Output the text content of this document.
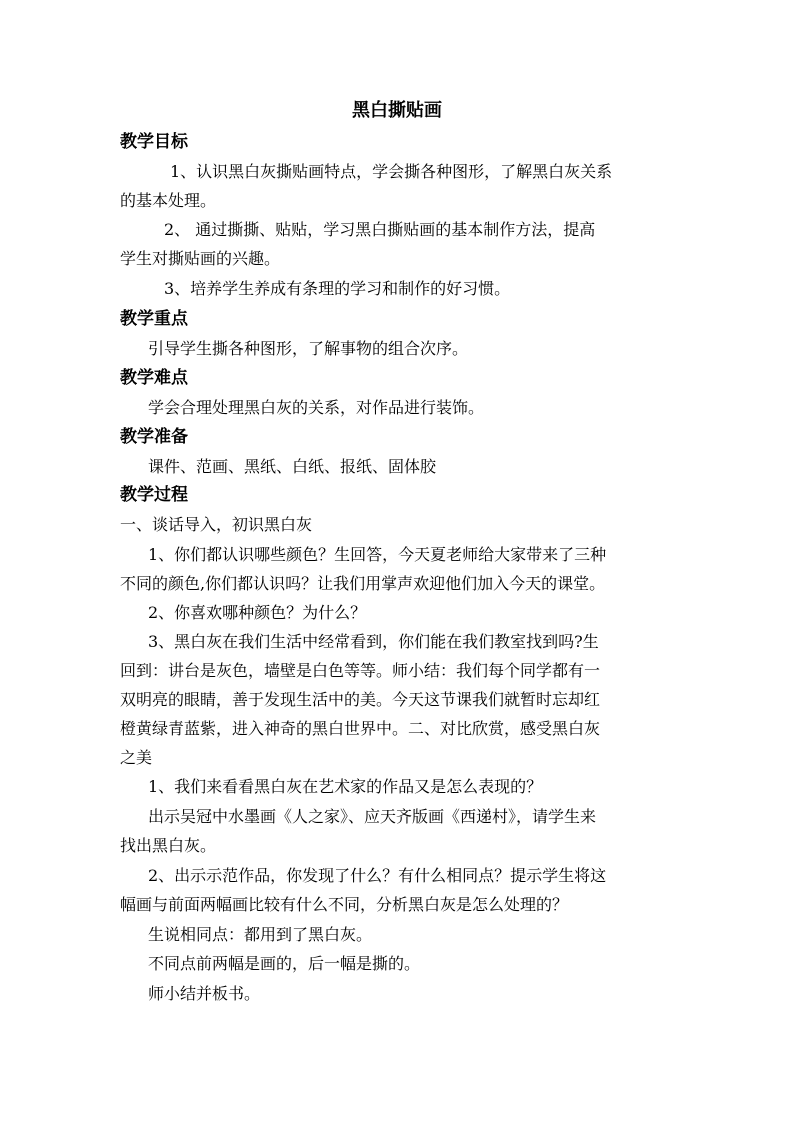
黑白撕贴画
教学目标
1、认识黑白灰撕贴画特点，学会撕各种图形，了解黑白灰关系
的基本处理。
2、 通过撕撕、贴贴，学习黑白撕贴画的基本制作方法，提高
学生对撕贴画的兴趣。
3、培养学生养成有条理的学习和制作的好习惯。
教学重点
引导学生撕各种图形，了解事物的组合次序。
教学难点
学会合理处理黑白灰的关系，对作品进行装饰。
教学准备
课件、范画、黑纸、白纸、报纸、固体胶
教学过程
一、谈话导入，初识黑白灰
1、你们都认识哪些颜色？生回答，今天夏老师给大家带来了三种
不同的颜色,你们都认识吗？让我们用掌声欢迎他们加入今天的课堂。
2、你喜欢哪种颜色？为什么？
3、黑白灰在我们生活中经常看到，你们能在我们教室找到吗?生
回到：讲台是灰色，墙壁是白色等等。师小结：我们每个同学都有一
双明亮的眼睛，善于发现生活中的美。今天这节课我们就暂时忘却红
橙黄绿青蓝紫，进入神奇的黑白世界中。二、对比欣赏，感受黑白灰
之美
1、我们来看看黑白灰在艺术家的作品又是怎么表现的？
出示吴冠中水墨画《人之家》、应天齐版画《西递村》，请学生来
找出黑白灰。
2、出示示范作品，你发现了什么？有什么相同点？提示学生将这
幅画与前面两幅画比较有什么不同，分析黑白灰是怎么处理的？
生说相同点：都用到了黑白灰。
不同点前两幅是画的，后一幅是撕的。
师小结并板书。
